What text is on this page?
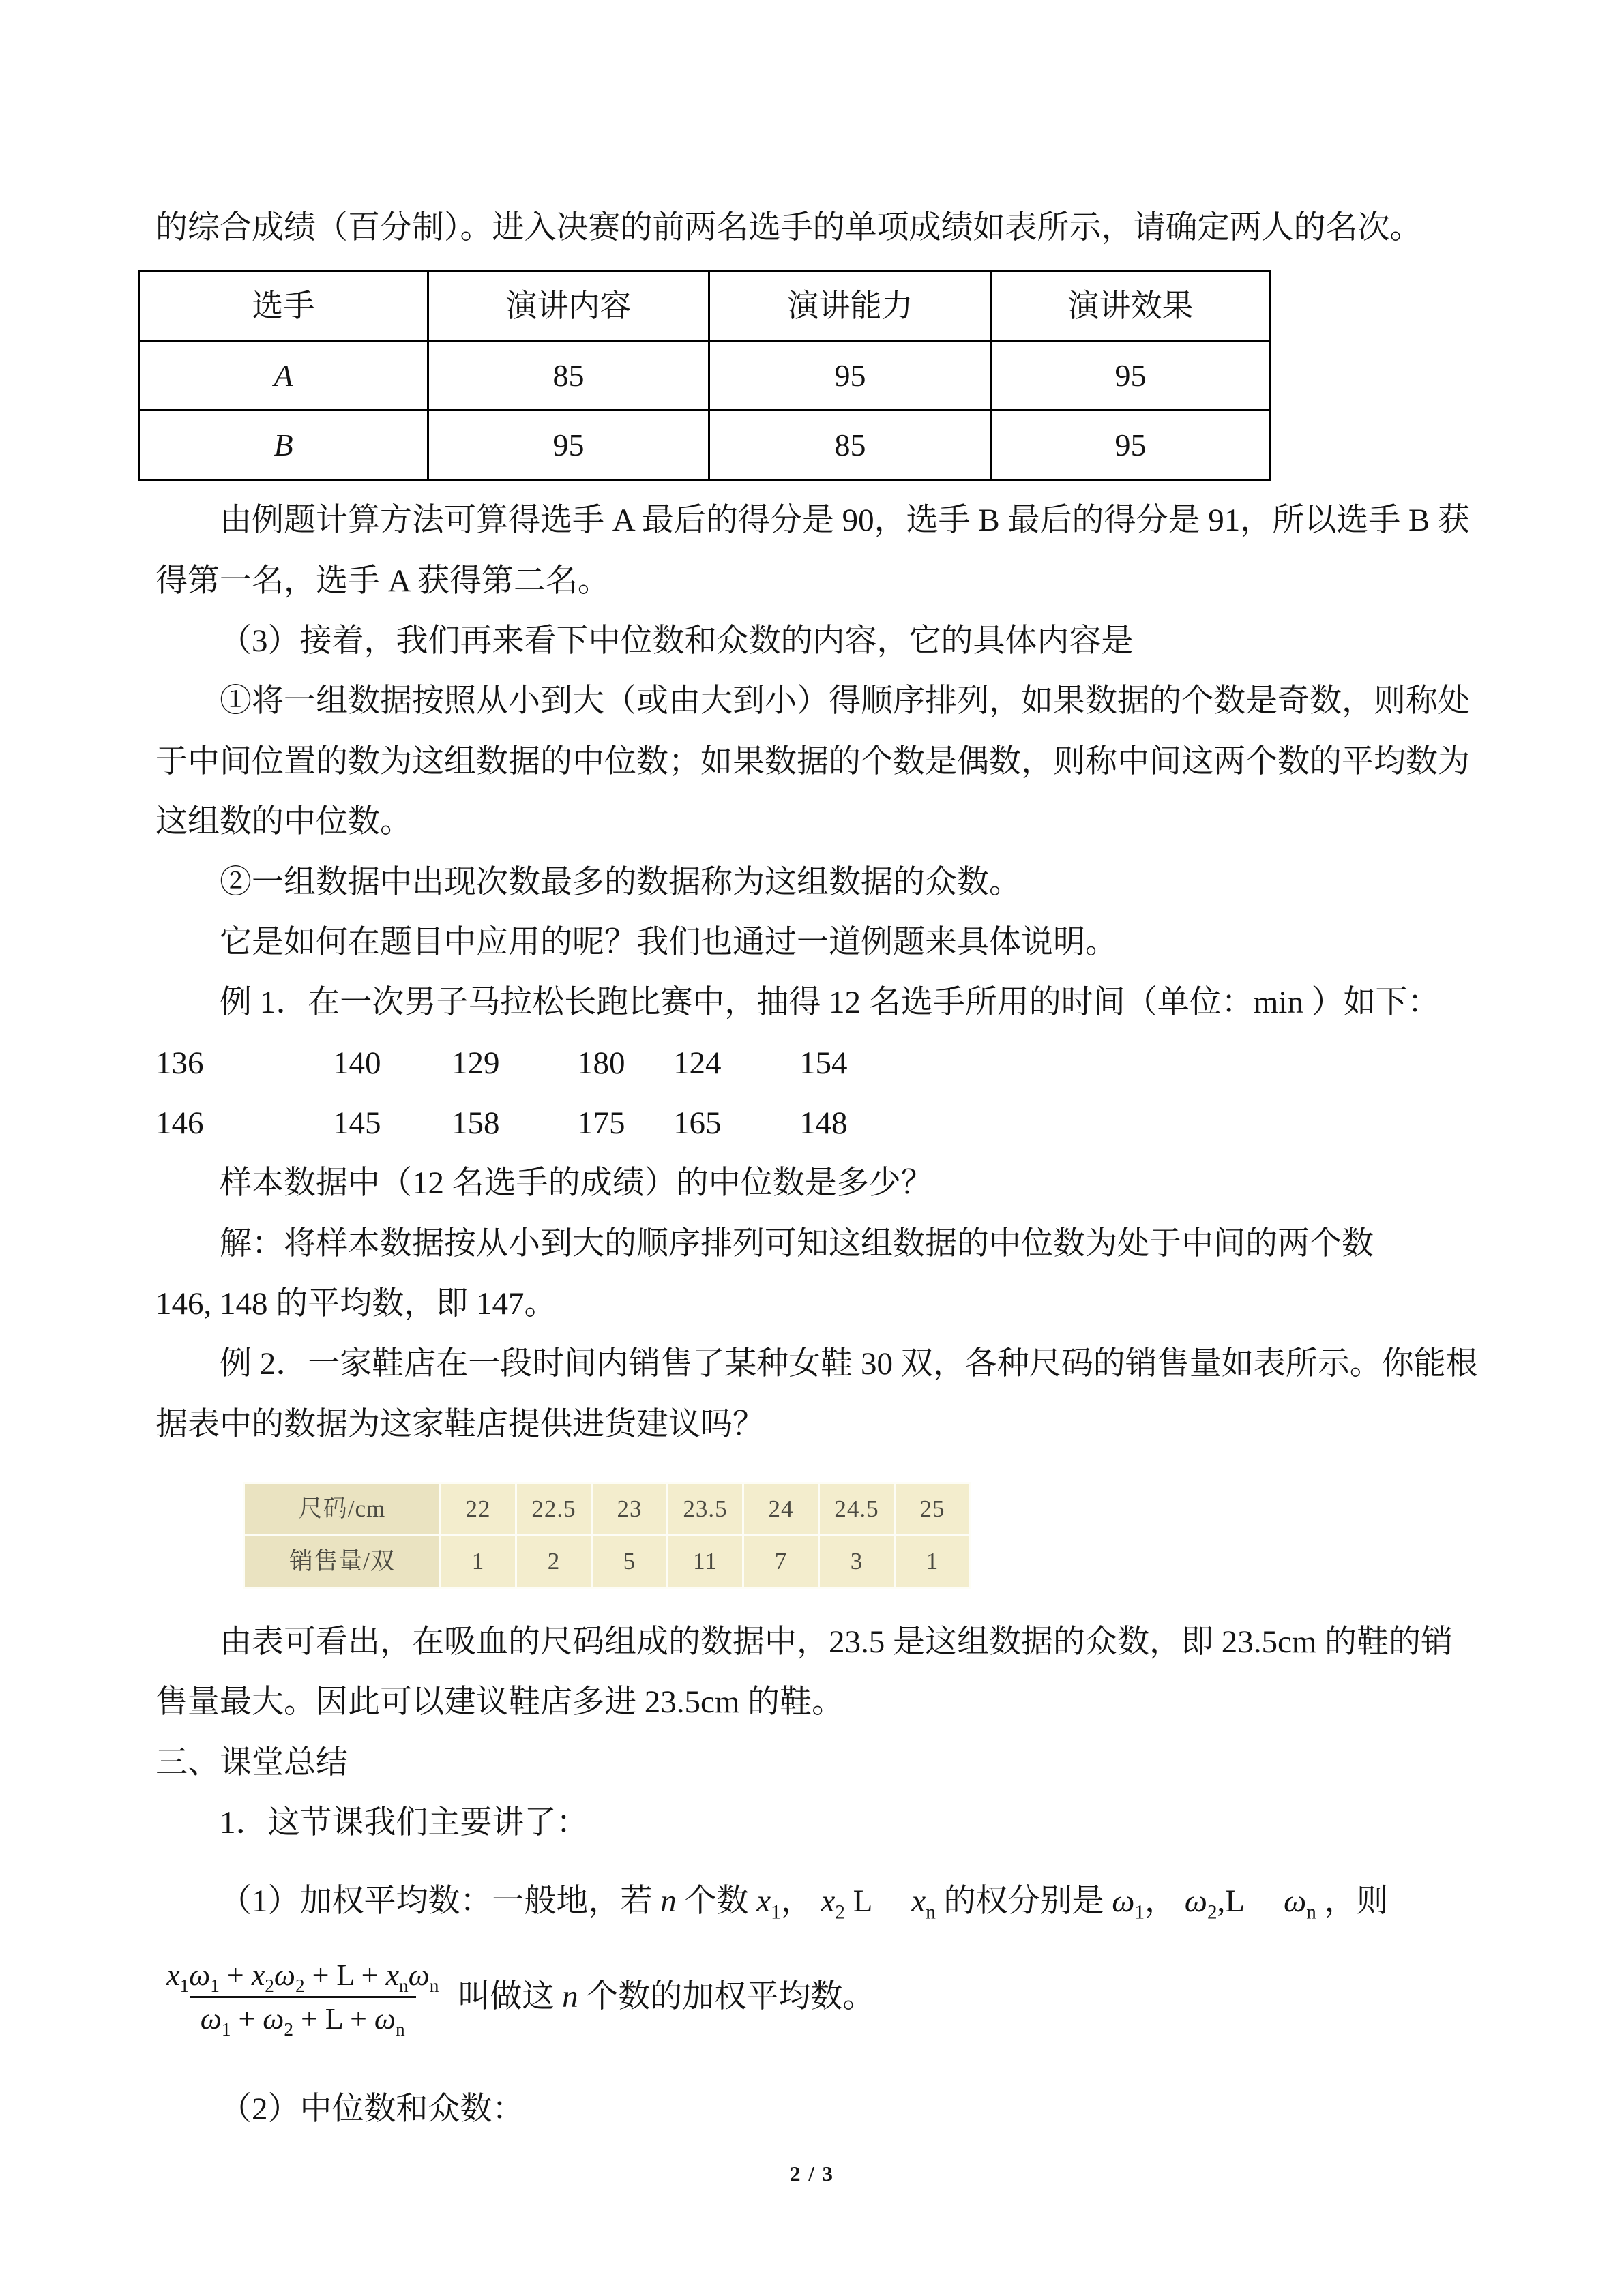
的综合成绩（百分制）。进入决赛的前两名选手的单项成绩如表所示，请确定两人的名次。
选手	演讲内容	演讲能力	演讲效果
A	85	95	95
B	95	85	95
由例题计算方法可算得选手 A 最后的得分是 90，选手 B 最后的得分是 91，所以选手 B 获得第一名，选手 A 获得第二名。
（3）接着，我们再来看下中位数和众数的内容，它的具体内容是
①将一组数据按照从小到大（或由大到小）得顺序排列，如果数据的个数是奇数，则称处于中间位置的数为这组数据的中位数；如果数据的个数是偶数，则称中间这两个数的平均数为这组数的中位数。
②一组数据中出现次数最多的数据称为这组数据的众数。
它是如何在题目中应用的呢？我们也通过一道例题来具体说明。
例 1．在一次男子马拉松长跑比赛中，抽得 12 名选手所用的时间（单位：min ）如下：
136	140	129	180	124	154
146	145	158	175	165	148
样本数据中（12 名选手的成绩）的中位数是多少？
解：将样本数据按从小到大的顺序排列可知这组数据的中位数为处于中间的两个数
146, 148 的平均数，即 147。
例 2．一家鞋店在一段时间内销售了某种女鞋 30 双，各种尺码的销售量如表所示。你能根据表中的数据为这家鞋店提供进货建议吗？
尺码/cm	22	22.5	23	23.5	24	24.5	25
销售量/双	1	2	5	11	7	3	1
由表可看出，在吸血的尺码组成的数据中，23.5 是这组数据的众数，即 23.5cm 的鞋的销售量最大。因此可以建议鞋店多进 23.5cm 的鞋。
三、课堂总结
1．这节课我们主要讲了：
（1）加权平均数：一般地，若 n 个数 $x_1$， $x_2$ L　 $x_n$ 的权分别是 $\omega_1$， $\omega_2,L$　 $\omega_n$ ，则
$\frac{x_1\omega_1 + x_2\omega_2 + L + x_n\omega_n}{\omega_1 + \omega_2 + L + \omega_n}$ 叫做这 n 个数的加权平均数。
（2）中位数和众数：
2 / 3
